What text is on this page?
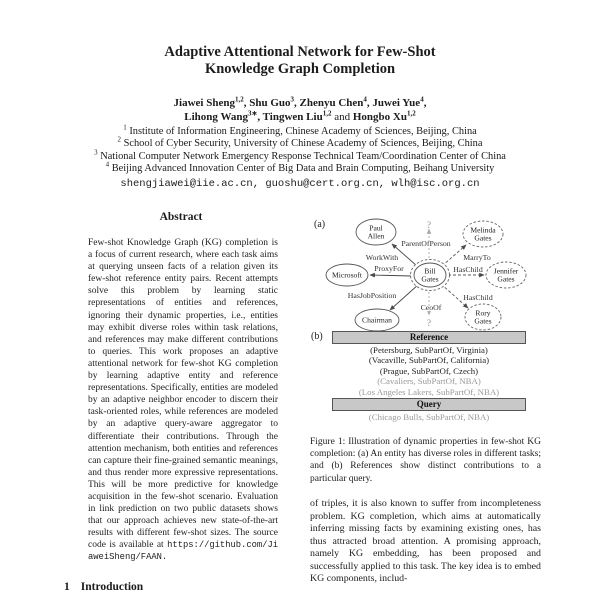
Adaptive Attentional Network for Few-Shot
Knowledge Graph Completion
Jiawei Sheng$^{1,2}$, Shu Guo$^3$, Zhenyu Chen$^4$, Juwei Yue$^4$,
Lihong Wang$^{3∗}$, Tingwen Liu$^{1,2}$ and Hongbo Xu$^{1,2}$
$^1$ Institute of Information Engineering, Chinese Academy of Sciences, Beijing, China
$^2$ School of Cyber Security, University of Chinese Academy of Sciences, Beijing, China
$^3$ National Computer Network Emergency Response Technical Team/Coordination Center of China
$^4$ Beijing Advanced Innovation Center of Big Data and Brain Computing, Beihang University
shengjiawei@iie.ac.cn, guoshu@cert.org.cn, wlh@isc.org.cn
Abstract
Few-shot Knowledge Graph (KG) completion is a focus of current research, where each task aims at querying unseen facts of a relation given its few-shot reference entity pairs. Recent attempts solve this problem by learning static representations of entities and references, ignoring their dynamic properties, i.e., entities may exhibit diverse roles within task relations, and references may make different contributions to queries. This work proposes an adaptive attentional network for few-shot KG completion by learning adaptive entity and reference representations. Specifically, entities are modeled by an adaptive neighbor encoder to discern their task-oriented roles, while references are modeled by an adaptive query-aware aggregator to differentiate their contributions. Through the attention mechanism, both entities and references can capture their fine-grained semantic meanings, and thus render more expressive representations. This will be more predictive for knowledge acquisition in the few-shot scenario. Evaluation in link prediction on two public datasets shows that our approach achieves new state-of-the-art results with different few-shot sizes. The source code is available at https://github.com/JiaweiSheng/FAAN.
1 Introduction
(a)	Paul Allen
Melinda Gates
Microsoft	Bill Gates
Jennifer Gates
Chairman
Rory Gates
ParentOfPerson
WorkWith	MarryTo
ProxyFor	HasChild
HasJobPosition
CeoOf
HasChild
?
?
(b)	Reference
(Petersburg, SubPartOf, Virginia)
(Vacaville, SubPartOf, California)
(Prague, SubPartOf, Czech)
(Cavaliers, SubPartOf, NBA)
(Los Angeles Lakers, SubPartOf, NBA)
Query
(Chicago Bulls, SubPartOf, NBA)
Figure 1: Illustration of dynamic properties in few-shot KG completion: (a) An entity has diverse roles in different tasks; and (b) References show distinct contributions to a particular query.
of triples, it is also known to suffer from incompleteness problem. KG completion, which aims at automatically inferring missing facts by examining existing ones, has thus attracted broad attention. A promising approach, namely KG embedding, has been proposed and successfully applied to this task. The key idea is to embed KG components, includ-
